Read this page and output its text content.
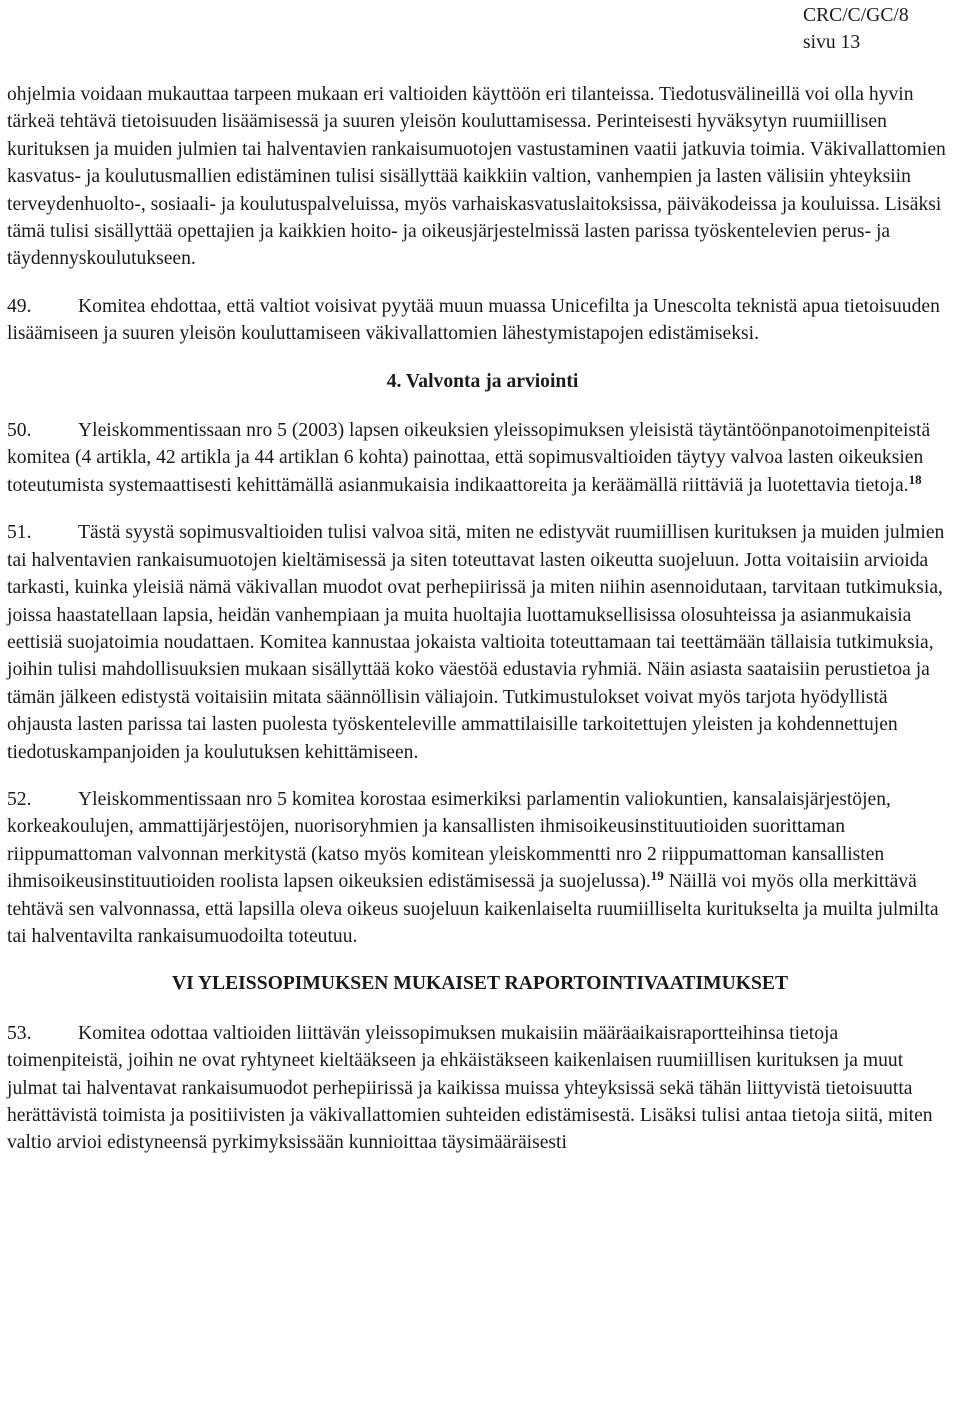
CRC/C/GC/8
sivu 13

ohjelmia voidaan mukauttaa tarpeen mukaan eri valtioiden käyttöön eri tilanteissa. Tiedotusvälineillä voi olla hyvin tärkeä tehtävä tietoisuuden lisäämisessä ja suuren yleisön kouluttamisessa. Perinteisesti hyväksytyn ruumiillisen kurituksen ja muiden julmien tai halventavien rankaisumuotojen vastustaminen vaatii jatkuvia toimia. Väkivallattomien kasvatus- ja koulutusmallien edistäminen tulisi sisällyttää kaikkiin valtion, vanhempien ja lasten välisiin yhteyksiin terveydenhuolto-, sosiaali- ja koulutuspalveluissa, myös varhaiskasvatuslaitoksissa, päiväkodeissa ja kouluissa. Lisäksi tämä tulisi sisällyttää opettajien ja kaikkien hoito- ja oikeusjärjestelmissä lasten parissa työskentelevien perus- ja täydennyskoulutukseen.

49. Komitea ehdottaa, että valtiot voisivat pyytää muun muassa Unicefilta ja Unescolta teknistä apua tietoisuuden lisäämiseen ja suuren yleisön kouluttamiseen väkivallattomien lähestymistapojen edistämiseksi.

4. Valvonta ja arviointi

50. Yleiskommentissaan nro 5 (2003) lapsen oikeuksien yleissopimuksen yleisistä täytäntöönpanotoimenpiteistä komitea (4 artikla, 42 artikla ja 44 artiklan 6 kohta) painottaa, että sopimusvaltioiden täytyy valvoa lasten oikeuksien toteutumista systemaattisesti kehittämällä asianmukaisia indikaattoreita ja keräämällä riittäviä ja luotettavia tietoja.$^{18}$

51. Tästä syystä sopimusvaltioiden tulisi valvoa sitä, miten ne edistyvät ruumiillisen kurituksen ja muiden julmien tai halventavien rankaisumuotojen kieltämisessä ja siten toteuttavat lasten oikeutta suojeluun. Jotta voitaisiin arvioida tarkasti, kuinka yleisiä nämä väkivallan muodot ovat perhepiirissä ja miten niihin asennoidutaan, tarvitaan tutkimuksia, joissa haastatellaan lapsia, heidän vanhempiaan ja muita huoltajia luottamuksellisissa olosuhteissa ja asianmukaisia eettisiä suojatoimia noudattaen. Komitea kannustaa jokaista valtioita toteuttamaan tai teettämään tällaisia tutkimuksia, joihin tulisi mahdollisuuksien mukaan sisällyttää koko väestöä edustavia ryhmiä. Näin asiasta saataisiin perustietoa ja tämän jälkeen edistystä voitaisiin mitata säännöllisin väliajoin. Tutkimustulokset voivat myös tarjota hyödyllistä ohjausta lasten parissa tai lasten puolesta työskenteleville ammattilaisille tarkoitettujen yleisten ja kohdennettujen tiedotuskampanjoiden ja koulutuksen kehittämiseen.

52. Yleiskommentissaan nro 5 komitea korostaa esimerkiksi parlamentin valiokuntien, kansalaisjärjestöjen, korkeakoulujen, ammattijärjestöjen, nuorisoryhmien ja kansallisten ihmisoikeusinstituutioiden suorittaman riippumattoman valvonnan merkitystä (katso myös komitean yleiskommentti nro 2 riippumattoman kansallisten ihmisoikeusinstituutioiden roolista lapsen oikeuksien edistämisessä ja suojelussa).$^{19}$ Näillä voi myös olla merkittävä tehtävä sen valvonnassa, että lapsilla oleva oikeus suojeluun kaikenlaiselta ruumiilliselta kuritukselta ja muilta julmilta tai halventavilta rankaisumuodoilta toteutuu.

VI YLEISSOPIMUKSEN MUKAISET RAPORTOINTIVAATIMUKSET

53. Komitea odottaa valtioiden liittävän yleissopimuksen mukaisiin määräaikaisraportteihinsa tietoja toimenpiteistä, joihin ne ovat ryhtyneet kieltääkseen ja ehkäistäkseen kaikenlaisen ruumiillisen kurituksen ja muut julmat tai halventavat rankaisumuodot perhepiirissä ja kaikissa muissa yhteyksissä sekä tähän liittyvistä tietoisuutta herättävistä toimista ja positiivisten ja väkivallattomien suhteiden edistämisestä. Lisäksi tulisi antaa tietoja siitä, miten valtio arvioi edistyneensä pyrkimyksissään kunnioittaa täysimääräisesti
